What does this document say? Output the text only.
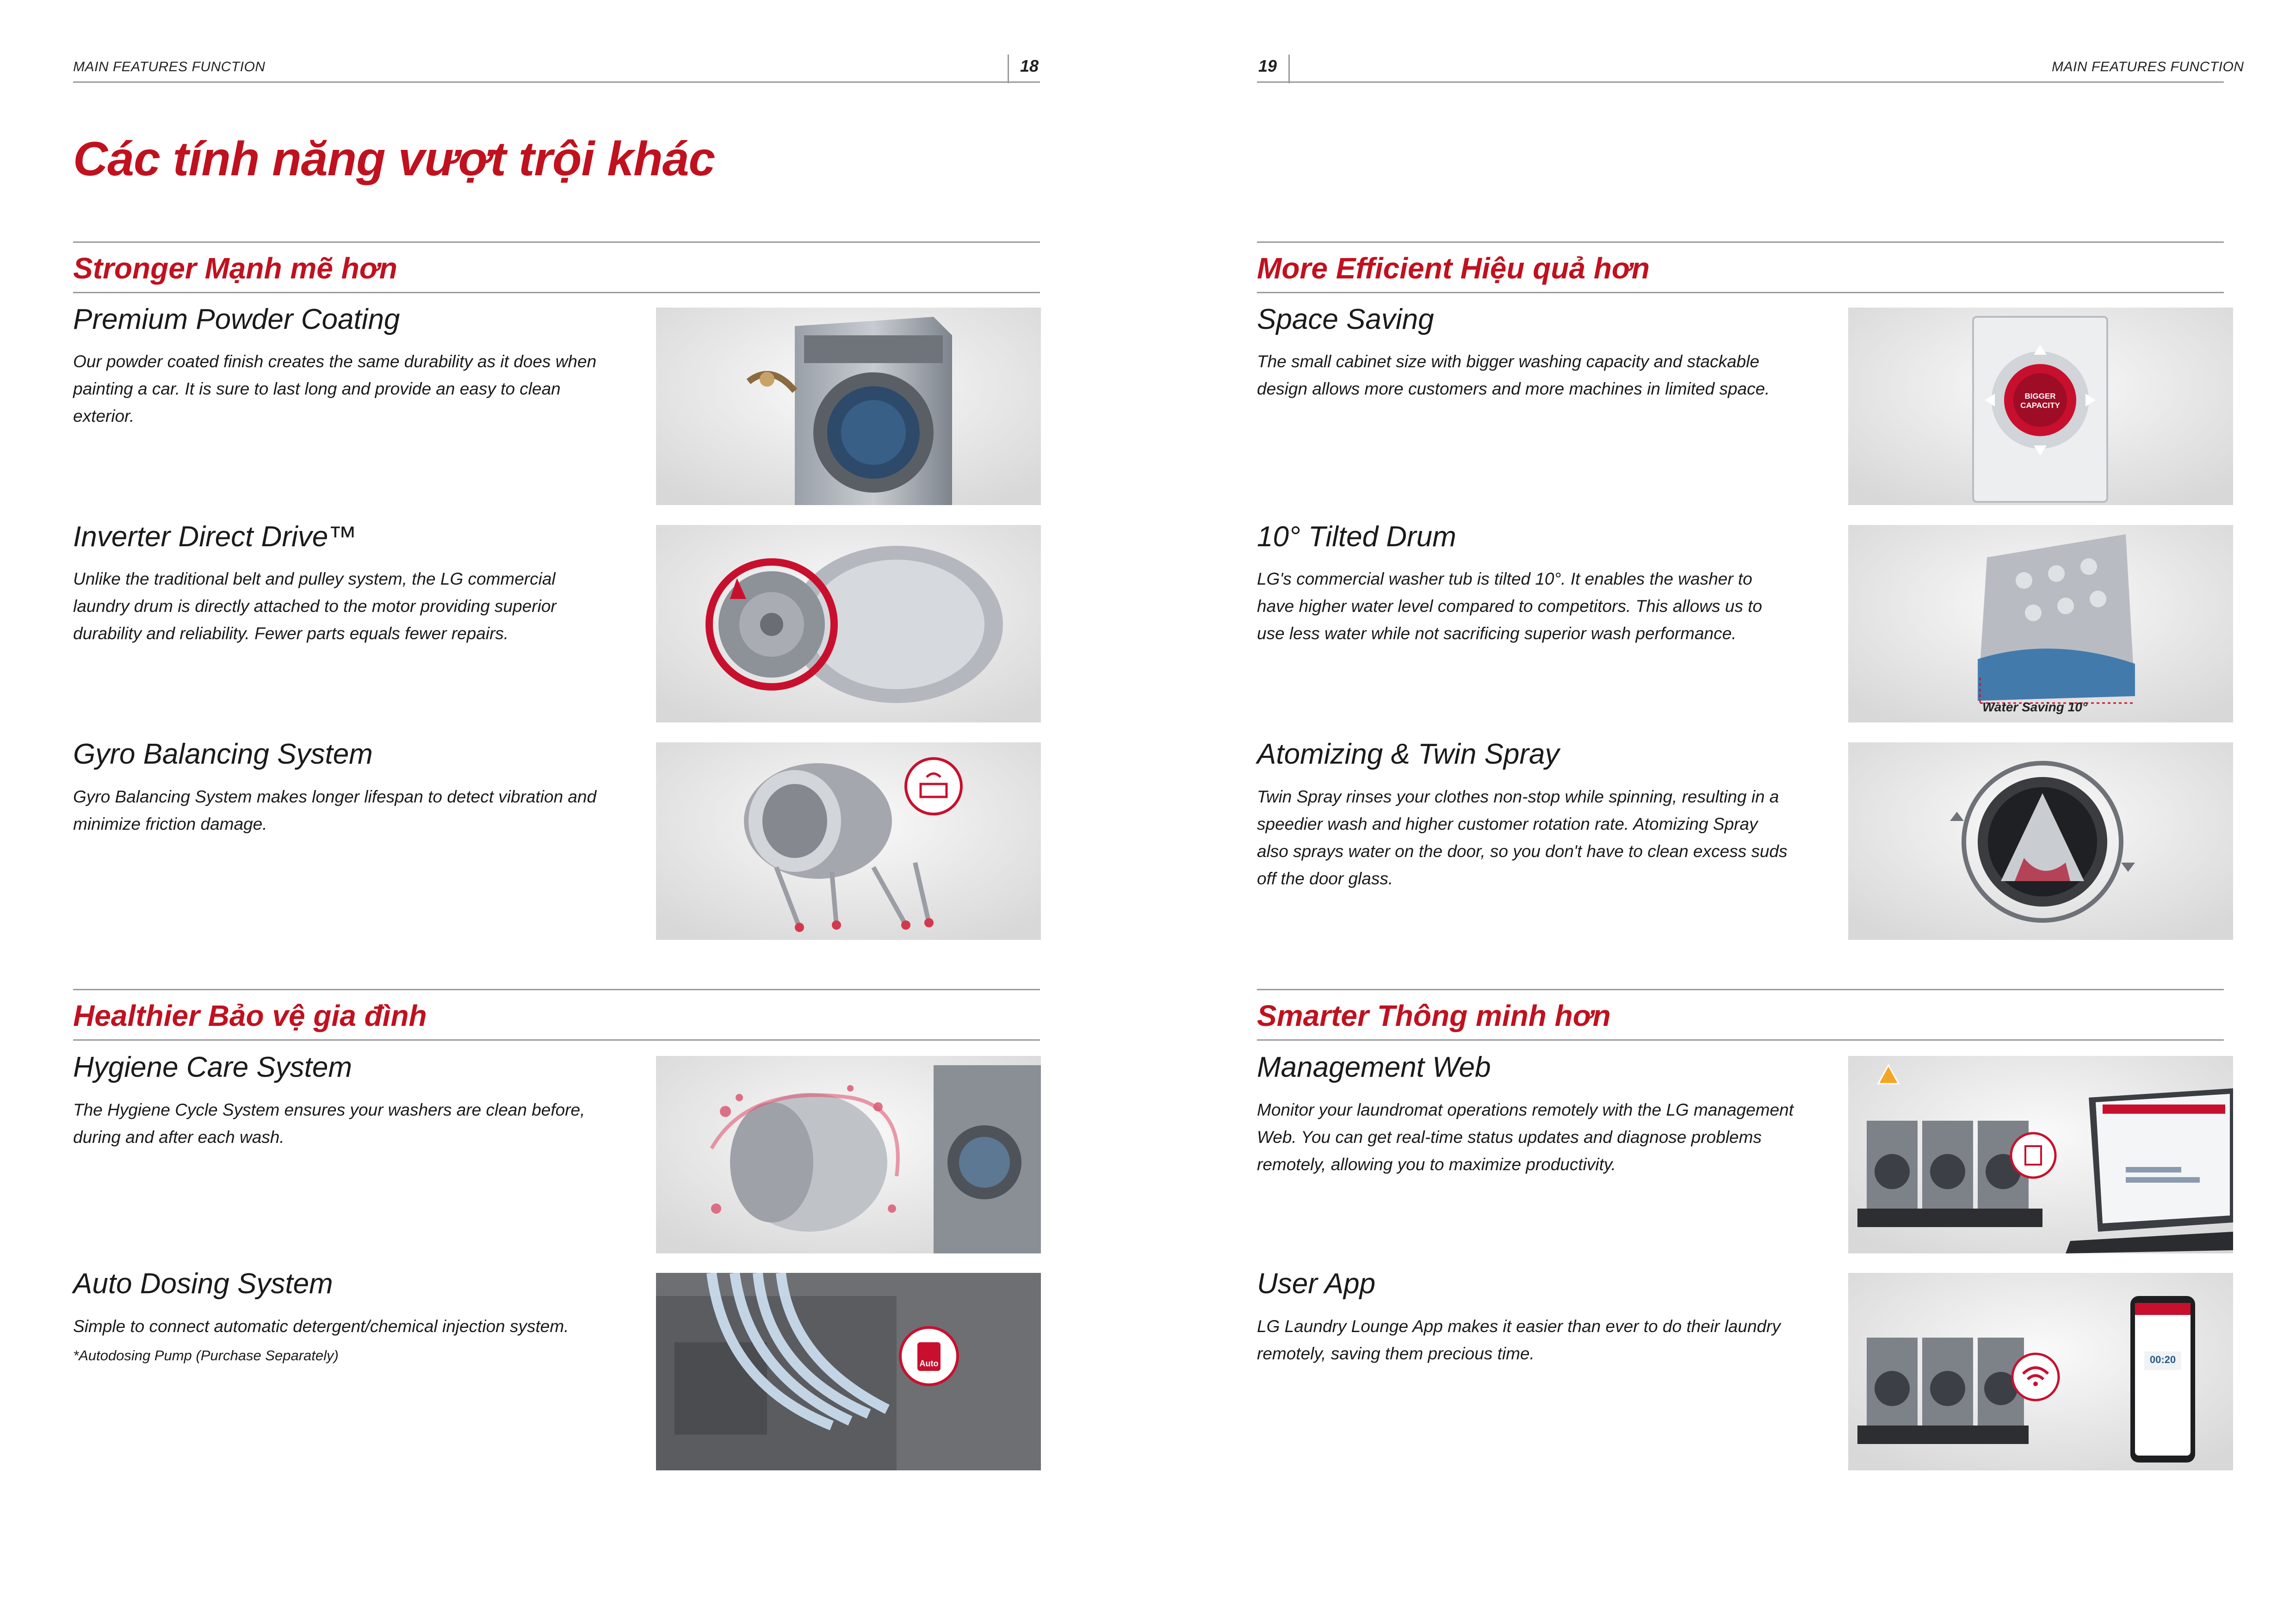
MAIN FEATURES FUNCTION	18
Các tính năng vượt trội khác
Stronger Mạnh mẽ hơn
Premium Powder Coating
Our powder coated finish creates the same durability as it does when painting a car. It is sure to last long and provide an easy to clean exterior.
Inverter Direct Drive™
Unlike the traditional belt and pulley system, the LG commercial laundry drum is directly attached to the motor providing superior durability and reliability. Fewer parts equals fewer repairs.
Gyro Balancing System
Gyro Balancing System makes longer lifespan to detect vibration and minimize friction damage.
Healthier Bảo vệ gia đình
Hygiene Care System
The Hygiene Cycle System ensures your washers are clean before, during and after each wash.
Auto Dosing System
Simple to connect automatic detergent/chemical injection system.
*Autodosing Pump (Purchase Separately)	Auto
19	MAIN FEATURES FUNCTION
More Efficient Hiệu quả hơn
Space Saving
The small cabinet size with bigger washing capacity and stackable design allows more customers and more machines in limited space.	BIGGER CAPACITY
10° Tilted Drum
LG's commercial washer tub is tilted 10°. It enables the washer to have higher water level compared to competitors. This allows us to use less water while not sacrificing superior wash performance.
Water Saving 10°
Atomizing & Twin Spray
Twin Spray rinses your clothes non-stop while spinning, resulting in a speedier wash and higher customer rotation rate. Atomizing Spray also sprays water on the door, so you don't have to clean excess suds off the door glass.
Smarter Thông minh hơn
Management Web
Monitor your laundromat operations remotely with the LG management Web. You can get real-time status updates and diagnose problems remotely, allowing you to maximize productivity.
User App
LG Laundry Lounge App makes it easier than ever to do their laundry remotely, saving them precious time.	00:20
